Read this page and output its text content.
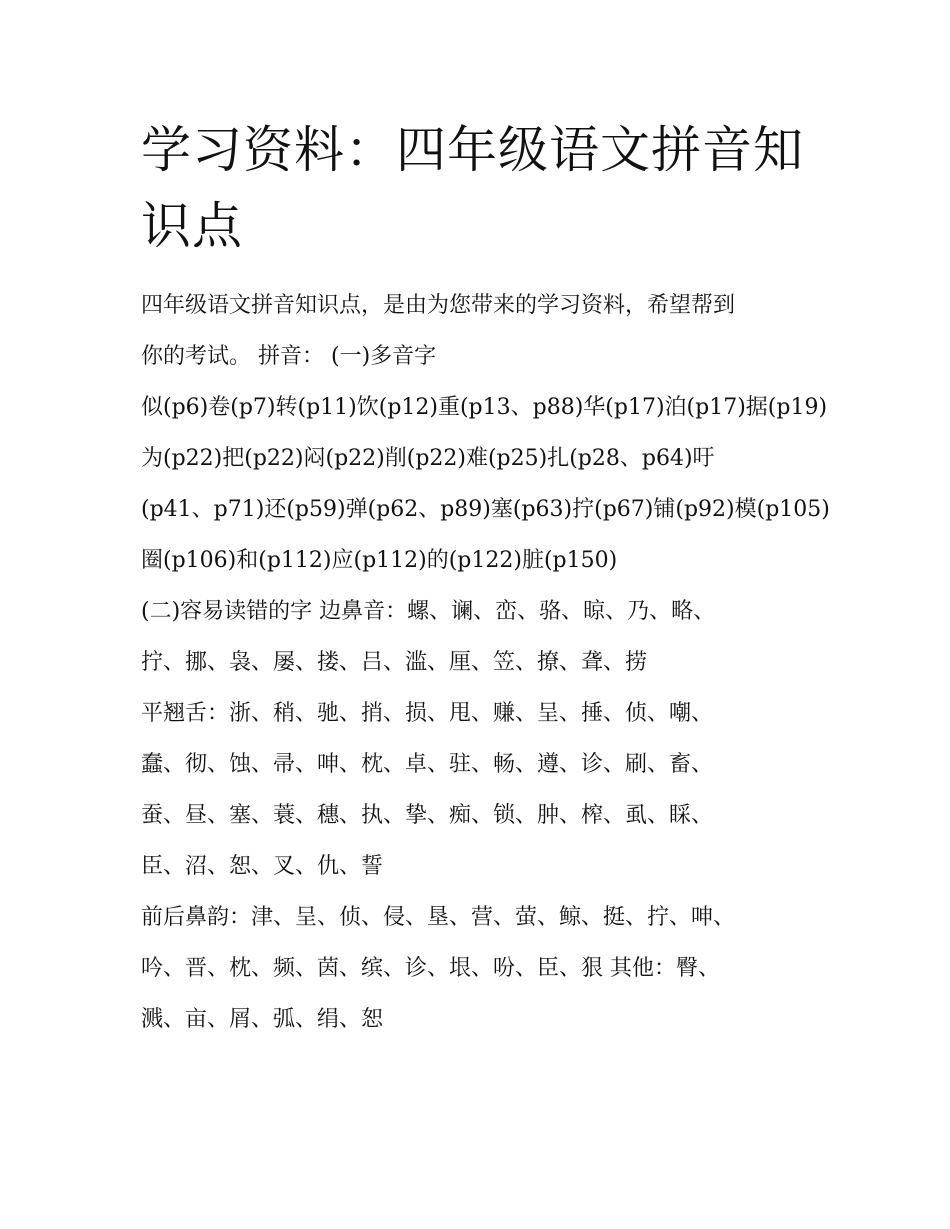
学习资料：四年级语文拼音知
识点
四年级语文拼音知识点，是由为您带来的学习资料，希望帮到
你的考试。 拼音： (一)多音字
似(p6)卷(p7)转(p11)饮(p12)重(p13、p88)华(p17)泊(p17)据(p19)
为(p22)把(p22)闷(p22)削(p22)难(p25)扎(p28、p64)吁
(p41、p71)还(p59)弹(p62、p89)塞(p63)拧(p67)铺(p92)模(p105)
圈(p106)和(p112)应(p112)的(p122)脏(p150)
(二)容易读错的字 边鼻音：螺、谰、峦、骆、晾、乃、略、
拧、挪、袅、屡、搂、吕、滥、厘、笠、撩、聋、捞
平翘舌：浙、稍、驰、捎、损、甩、赚、呈、捶、侦、嘲、
蠢、彻、蚀、帚、呻、枕、卓、驻、畅、遵、诊、刷、畜、
蚕、昼、塞、蓑、穗、执、挚、痴、锁、肿、榨、虱、睬、
臣、沼、恕、叉、仇、誓
前后鼻韵：津、呈、侦、侵、垦、营、萤、鲸、挺、拧、呻、
吟、晋、枕、频、茵、缤、诊、垠、吩、臣、狠 其他：臀、
溅、亩、屑、弧、绢、恕
